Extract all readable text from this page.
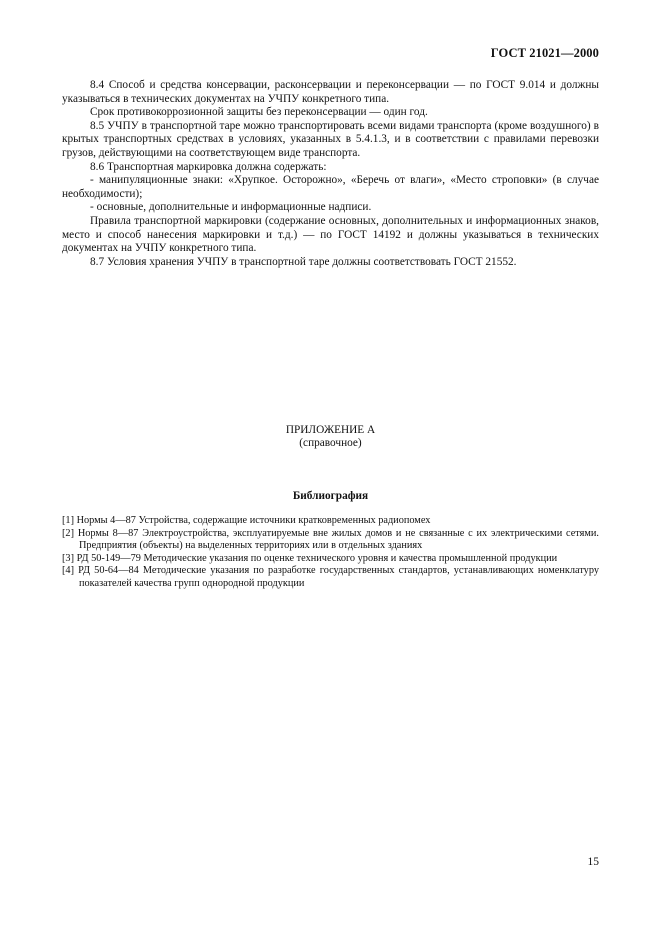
ГОСТ 21021—2000

8.4 Способ и средства консервации, расконсервации и переконсервации — по ГОСТ 9.014 и должны указываться в технических документах на УЧПУ конкретного типа.

Срок противокоррозионной защиты без переконсервации — один год.

8.5 УЧПУ в транспортной таре можно транспортировать всеми видами транспорта (кроме воздушного) в крытых транспортных средствах в условиях, указанных в 5.4.1.3, и в соответствии с правилами перевозки грузов, действующими на соответствующем виде транспорта.

8.6 Транспортная маркировка должна содержать:

- манипуляционные знаки: «Хрупкое. Осторожно», «Беречь от влаги», «Место строповки» (в случае необходимости);

- основные, дополнительные и информационные надписи.

Правила транспортной маркировки (содержание основных, дополнительных и информационных знаков, место и способ нанесения маркировки и т.д.) — по ГОСТ 14192 и должны указываться в технических документах на УЧПУ конкретного типа.

8.7 Условия хранения УЧПУ в транспортной таре должны соответствовать ГОСТ 21552.

ПРИЛОЖЕНИЕ А
(справочное)
Библиография

[1] Нормы 4—87 Устройства, содержащие источники кратковременных радиопомех

[2] Нормы 8—87 Электроустройства, эксплуатируемые вне жилых домов и не связанные с их электрическими сетями. Предприятия (объекты) на выделенных территориях или в отдельных зданиях

[3] РД 50-149—79 Методические указания по оценке технического уровня и качества промышленной продукции

[4] РД 50-64—84 Методические указания по разработке государственных стандартов, устанавливающих номенклатуру показателей качества групп однородной продукции

15
